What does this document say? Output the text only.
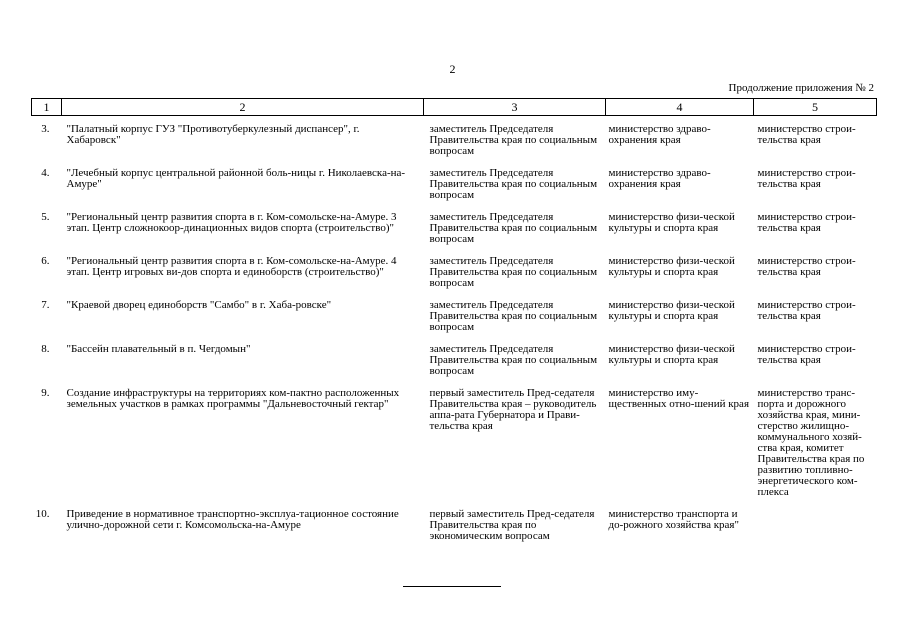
2
Продолжение приложения № 2
1	2	3	4	5
3.	"Палатный корпус ГУЗ "Противотуберкулезный диспансер", г. Хабаровск"	заместитель Председателя Правительства края по социальным вопросам	министерство здраво-охранения края	министерство строи-тельства края
4.	"Лечебный корпус центральной районной боль-ницы г. Николаевска-на-Амуре"	заместитель Председателя Правительства края по социальным вопросам	министерство здраво-охранения края	министерство строи-тельства края
5.	"Региональный центр развития спорта в г. Ком-сомольске-на-Амуре. 3 этап. Центр сложнокоор-динационных видов спорта (строительство)"	заместитель Председателя Правительства края по социальным вопросам	министерство физи-ческой культуры и спорта края	министерство строи-тельства края
6.	"Региональный центр развития спорта в г. Ком-сомольске-на-Амуре. 4 этап. Центр игровых ви-дов спорта и единоборств (строительство)"	заместитель Председателя Правительства края по социальным вопросам	министерство физи-ческой культуры и спорта края	министерство строи-тельства края
7.	"Краевой дворец единоборств "Самбо" в г. Хаба-ровске"	заместитель Председателя Правительства края по социальным вопросам	министерство физи-ческой культуры и спорта края	министерство строи-тельства края
8.	"Бассейн плавательный в п. Чегдомын"	заместитель Председателя Правительства края по социальным вопросам	министерство физи-ческой культуры и спорта края	министерство строи-тельства края
9.	Создание инфраструктуры на территориях ком-пактно расположенных земельных участков в рамках программы "Дальневосточный гектар"	первый заместитель Пред-седателя Правительства края – руководитель аппа-рата Губернатора и Прави-тельства края	министерство иму-щественных отно-шений края	министерство транс-порта и дорожного хозяйства края, мини-стерство жилищно-коммунального хозяй-ства края, комитет Правительства края по развитию топливно-энергетического ком-плекса
10.	Приведение в нормативное транспортно-эксплуа-тационное состояние улично-дорожной сети г. Комсомольска-на-Амуре	первый заместитель Пред-седателя Правительства края по экономическим вопросам	министерство транспорта и до-рожного хозяйства края"	
